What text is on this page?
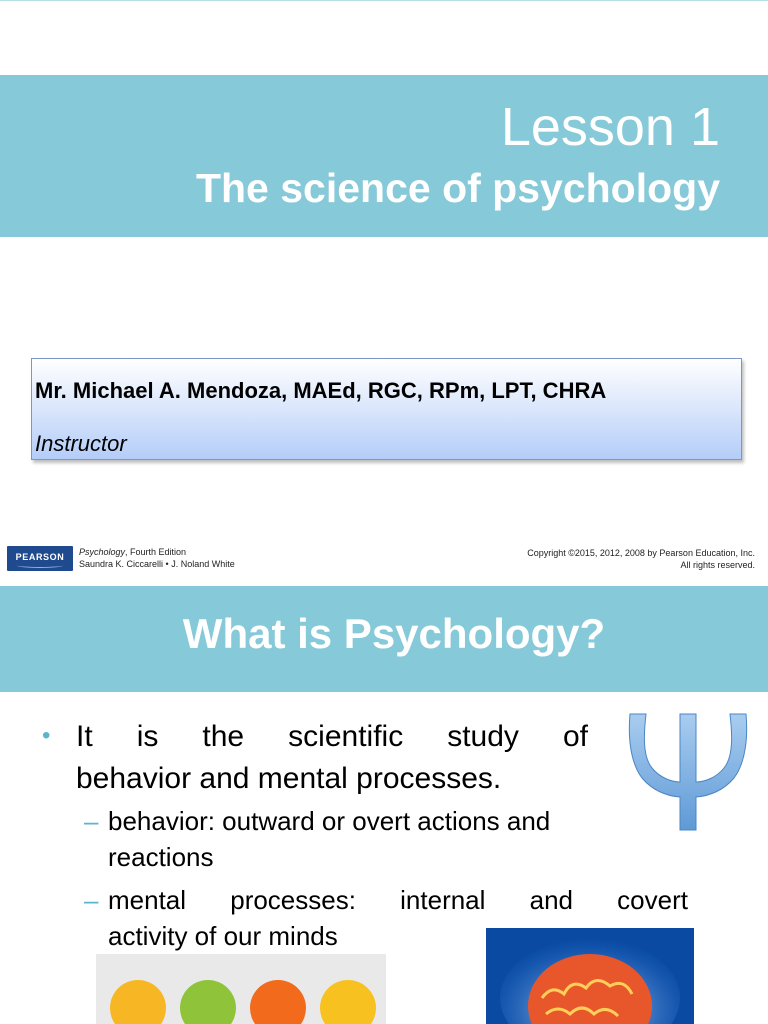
Lesson 1
The science of psychology
Mr. Michael A. Mendoza, MAEd, RGC, RPm, LPT, CHRA
Instructor
PEARSON	Psychology, Fourth Edition
Saundra K. Ciccarelli • J. Noland White
Copyright ©2015, 2012, 2008 by Pearson Education, Inc.
All rights reserved.
What is Psychology?
• It is the scientific study of
behavior and mental processes.
– behavior: outward or overt actions and
reactions
– mental processes: internal and covert
activity of our minds
